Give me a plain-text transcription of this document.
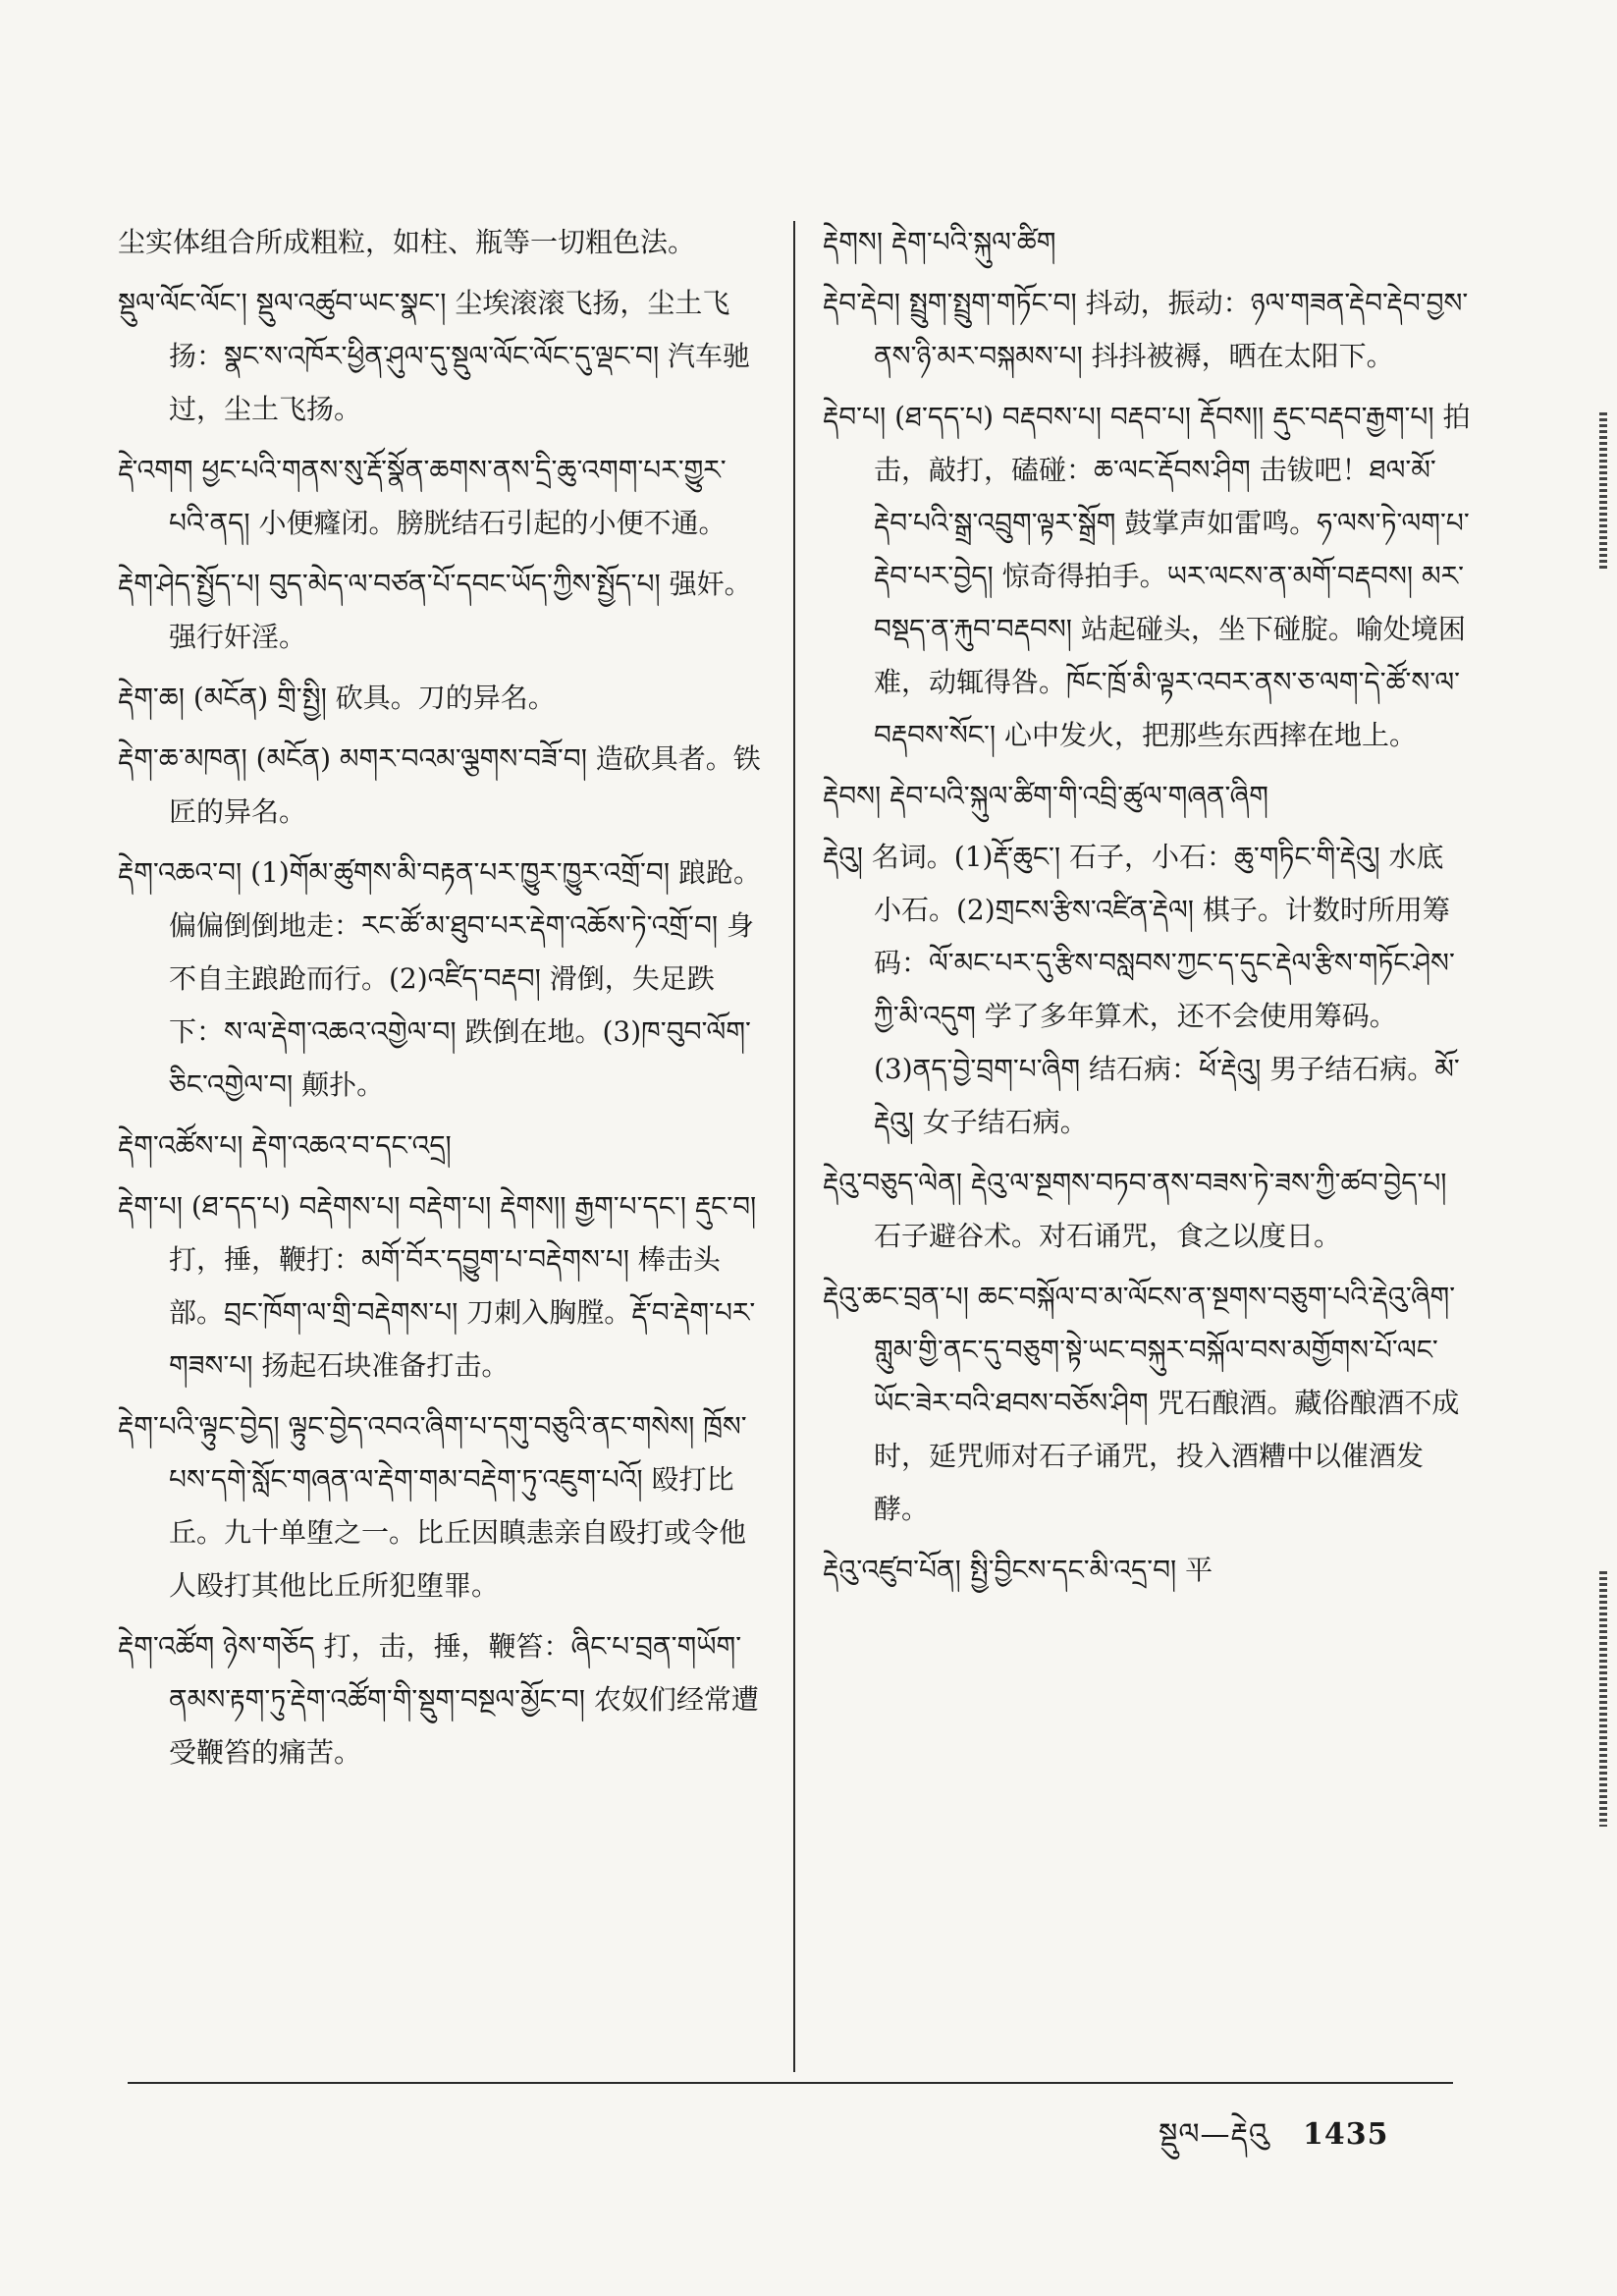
尘实体组合所成粗粒，如柱、瓶等一切粗色法。

སྡུལ་ལོང་ལོང་། སྡུལ་འཚུབ་ཡང་སྣང་། 尘埃滚滚飞扬，尘土飞扬：སྣང་ས་འཁོར་ཕྱིན་ཤུལ་དུ་སྡུལ་ལོང་ལོང་དུ་ལྡང་བ། 汽车驰过，尘土飞扬。

རྡེ་འགག ཕྱང་པའི་གནས་སུ་རྡོ་སྣོན་ཆགས་ནས་དྲི་ཆུ་འགག་པར་གྱུར་པའི་ནད། 小便癃闭。膀胱结石引起的小便不通。

རྡེག་ཤེད་སྤྱོད་པ། བུད་མེད་ལ་བཙན་པོ་དབང་ཡོད་ཀྱིས་སྤྱོད་པ། 强奸。强行奸淫。

རྡེག་ཆ། (མངོན) གྲི་སྤྱི། 砍具。刀的异名。

རྡེག་ཆ་མཁན། (མངོན) མགར་བའམ་ལྕགས་བཟོ་བ། 造砍具者。铁匠的异名。

རྡེག་འཆའ་བ། (1)གོམ་ཚུགས་མི་བརྟན་པར་ཁྱུར་ཁྱུར་འགྲོ་བ། 踉跄。偏偏倒倒地走：རང་ཚོ་མ་ཐུབ་པར་རྡེག་འཆོས་ཏེ་འགྲོ་བ། 身不自主踉跄而行。(2)འཛིད་བརྡབ། 滑倒，失足跌下：ས་ལ་རྡེག་འཆའ་འགྱེལ་བ། 跌倒在地。(3)ཁ་བུབ་ལོག་ཅིང་འགྱེལ་བ། 颠扑。

རྡེག་འཚོས་པ། རྡེག་འཆའ་བ་དང་འདྲ།

རྡེག་པ། (ཐ་དད་པ) བརྡེགས་པ། བརྡེག་པ། རྡེགས།། རྒྱག་པ་དང་། རྡུང་བ། 打，捶，鞭打：མགོ་བོར་དབྱུག་པ་བརྡེགས་པ། 棒击头部。བྲང་ཁོག་ལ་གྲི་བརྡེགས་པ། 刀刺入胸膛。རྡོ་བ་རྡེག་པར་གཟས་པ། 扬起石块准备打击。

རྡེག་པའི་ལྟུང་བྱེད། ལྟུང་བྱེད་འབའ་ཞིག་པ་དགུ་བཅུའི་ནང་གསེས། ཁྲོས་པས་དགེ་སློང་གཞན་ལ་རྡེག་གམ་བརྡེག་ཏུ་འཇུག་པའོ། 殴打比丘。九十单堕之一。比丘因瞋恚亲自殴打或令他人殴打其他比丘所犯堕罪。

རྡེག་འཚོག ཉེས་གཅོད 打，击，捶，鞭笞：ཞིང་པ་བྲན་གཡོག་ནམས་རྟག་ཏུ་རྡེག་འཚོག་གི་སྡུག་བསྔལ་མྱོང་བ། 农奴们经常遭受鞭笞的痛苦。

རྡེགས། རྡེག་པའི་སྐུལ་ཚིག

རྡེབ་རྡེབ། སྤྲུག་སྤྲུག་གཏོང་བ། 抖动，振动：ཉལ་གཟན་རྡེབ་རྡེབ་བྱས་ནས་ཉི་མར་བསྐམས་པ། 抖抖被褥，晒在太阳下。

རྡེབ་པ། (ཐ་དད་པ) བརྡབས་པ། བརྡབ་པ། རྡོབས།། རྡུང་བརྡབ་རྒྱག་པ། 拍击，敲打，磕碰：ཆ་ལང་རྡོབས་ཤིག 击钹吧！ཐལ་མོ་རྡེབ་པའི་སྒྲ་འབྲུག་ལྟར་སྒྲོག 鼓掌声如雷鸣。ཧ་ལས་ཏེ་ལག་པ་རྡེབ་པར་བྱེད། 惊奇得拍手。ཡར་ལངས་ན་མགོ་བརྡབས། མར་བསྡད་ན་རྐུབ་བརྡབས། 站起碰头，坐下碰腚。喻处境困难，动辄得咎。ཁོང་ཁྲོ་མི་ལྟར་འབར་ནས་ཅ་ལག་དེ་ཚོ་ས་ལ་བརྡབས་སོང་། 心中发火，把那些东西摔在地上。

རྡེབས། རྡེབ་པའི་སྐུལ་ཚིག་གི་འབྲི་ཚུལ་གཞན་ཞིག

རྡེའུ། 名词。(1)རྡོ་ཆུང་། 石子，小石：ཆུ་གཏིང་གི་རྡེའུ། 水底小石。(2)གྲངས་རྩིས་འཛིན་རྡེལ། 棋子。计数时所用筹码：ལོ་མང་པར་དུ་རྩིས་བསླབས་ཀྱང་ད་དུང་རྡེལ་རྩིས་གཏོང་ཤེས་ཀྱི་མི་འདུག 学了多年算术，还不会使用筹码。(3)ནད་བྱེ་བྲག་པ་ཞིག 结石病：ཕོ་རྡེའུ། 男子结石病。མོ་རྡེའུ། 女子结石病。

རྡེའུ་བཅུད་ལེན། རྡེའུ་ལ་སྔགས་བཏབ་ནས་བཟས་ཏེ་ཟས་ཀྱི་ཚབ་བྱེད་པ། 石子避谷术。对石诵咒，食之以度日。

རྡེའུ་ཆང་བྲན་པ། ཆང་བསྐོལ་བ་མ་ལོངས་ན་སྔགས་བཅུག་པའི་རྡེའུ་ཞིག་གླུམ་གྱི་ནང་དུ་བཅུག་སྟེ་ཡང་བསྐུར་བསྐོལ་བས་མགྱོགས་པོ་ལང་ཡོང་ཟེར་བའི་ཐབས་བཅོས་ཤིག 咒石酿酒。藏俗酿酒不成时，延咒师对石子诵咒，投入酒糟中以催酒发酵。

རྡེའུ་འཛུབ་པོན། སྤྱི་བྱིངས་དང་མི་འདྲ་བ། 平

སྡུལ—རྡེའུ 1435
